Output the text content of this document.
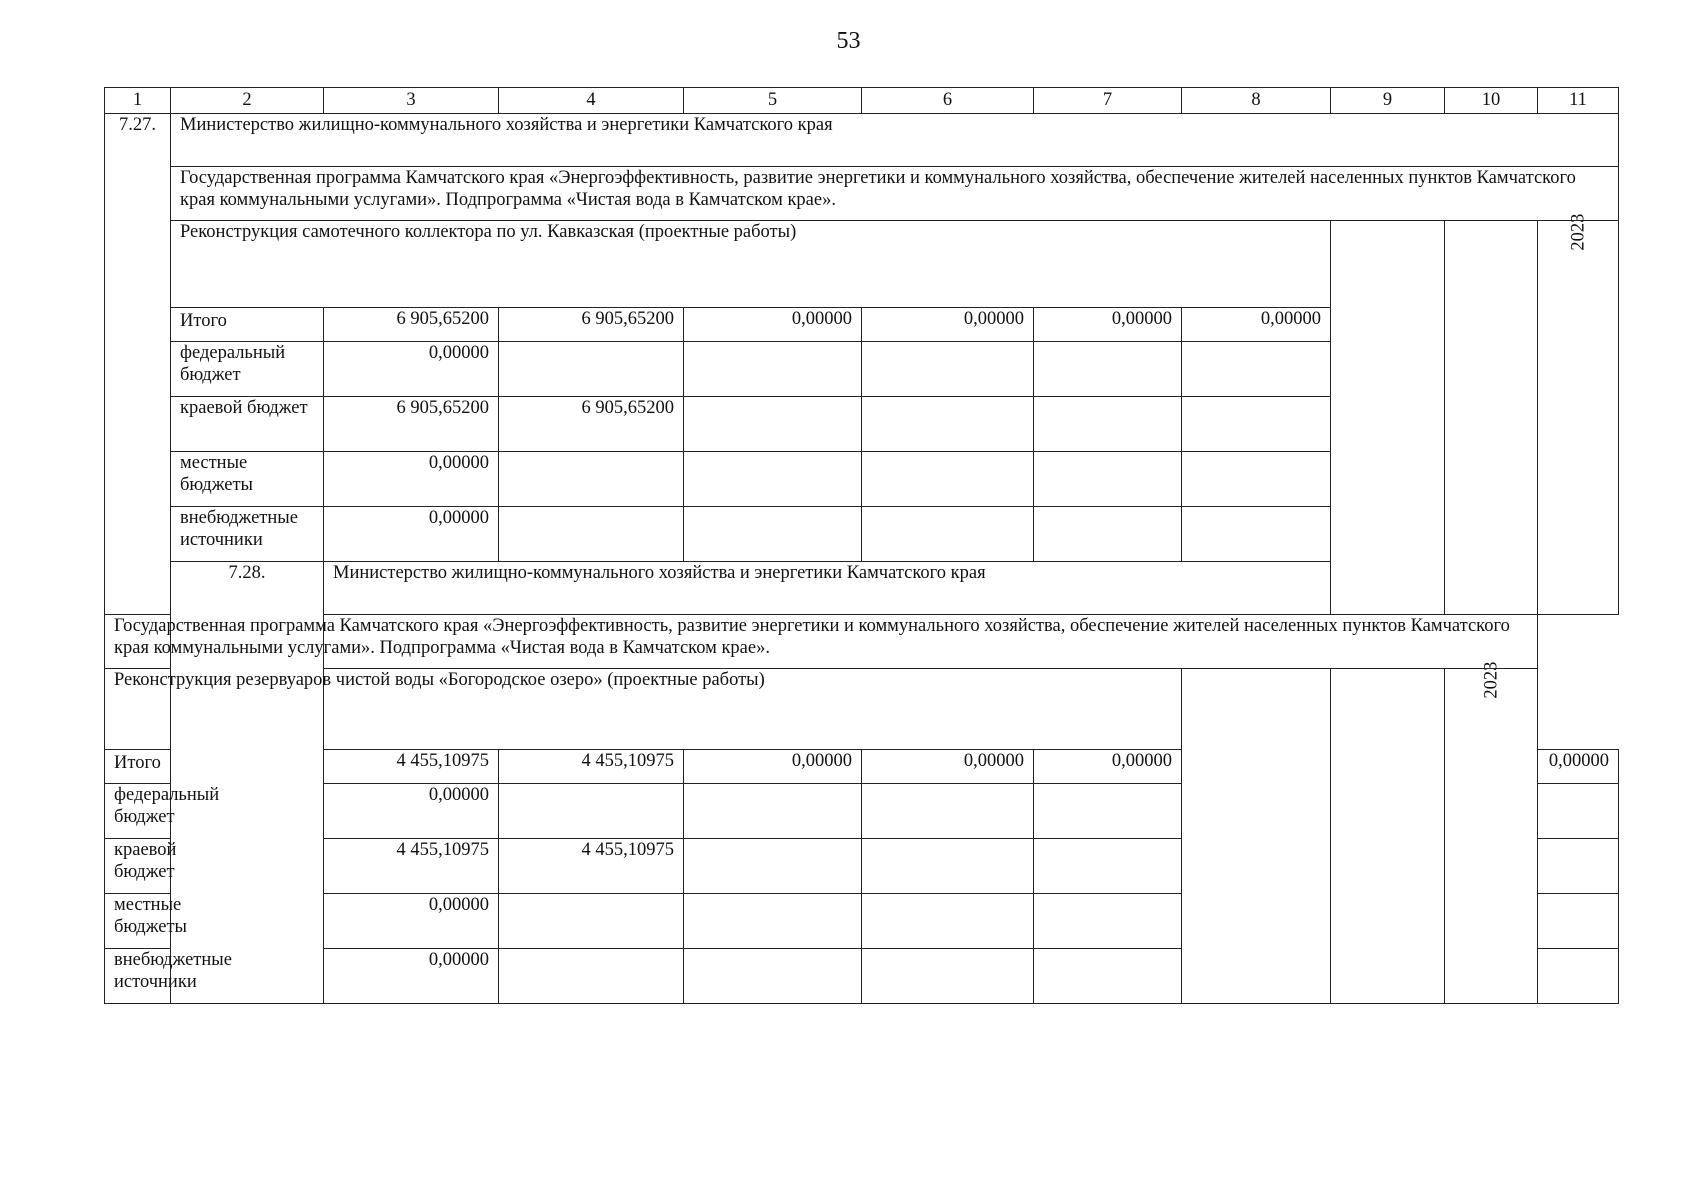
53
1	2	3	4	5	6	7	8	9	10	11
7.27.	Министерство жилищно-коммунального хозяйства и энергетики Камчатского края									
	Государственная программа Камчатского края «Энергоэффективность, развитие энергетики и коммунального хозяйства, обеспечение жителей населенных пунктов Камчатского края коммунальными услугами». Подпрограмма «Чистая вода в Камчатском крае».									
	Реконструкция самотечного коллектора по ул. Кавказская (проектные работы)									2023
	Итого	6 905,65200	6 905,65200	0,00000	0,00000	0,00000	0,00000			
	федеральный бюджет	0,00000								
	краевой бюджет	6 905,65200	6 905,65200							
	местные бюджеты	0,00000								
	внебюджетные источники	0,00000								
	7.28.	Министерство жилищно-коммунального хозяйства и энергетики Камчатского края								
Государственная программа Камчатского края «Энергоэффективность, развитие энергетики и коммунального хозяйства, обеспечение жителей населенных пунктов Камчатского края коммунальными услугами». Подпрограмма «Чистая вода в Камчатском крае».										
Реконструкция резервуаров чистой воды «Богородское озеро» (проектные работы)									2023	
Итого		4 455,10975	4 455,10975	0,00000	0,00000	0,00000				0,00000
федеральный бюджет		0,00000								
краевой бюджет		4 455,10975	4 455,10975							
местные бюджеты		0,00000								
внебюджетные источники		0,00000								
